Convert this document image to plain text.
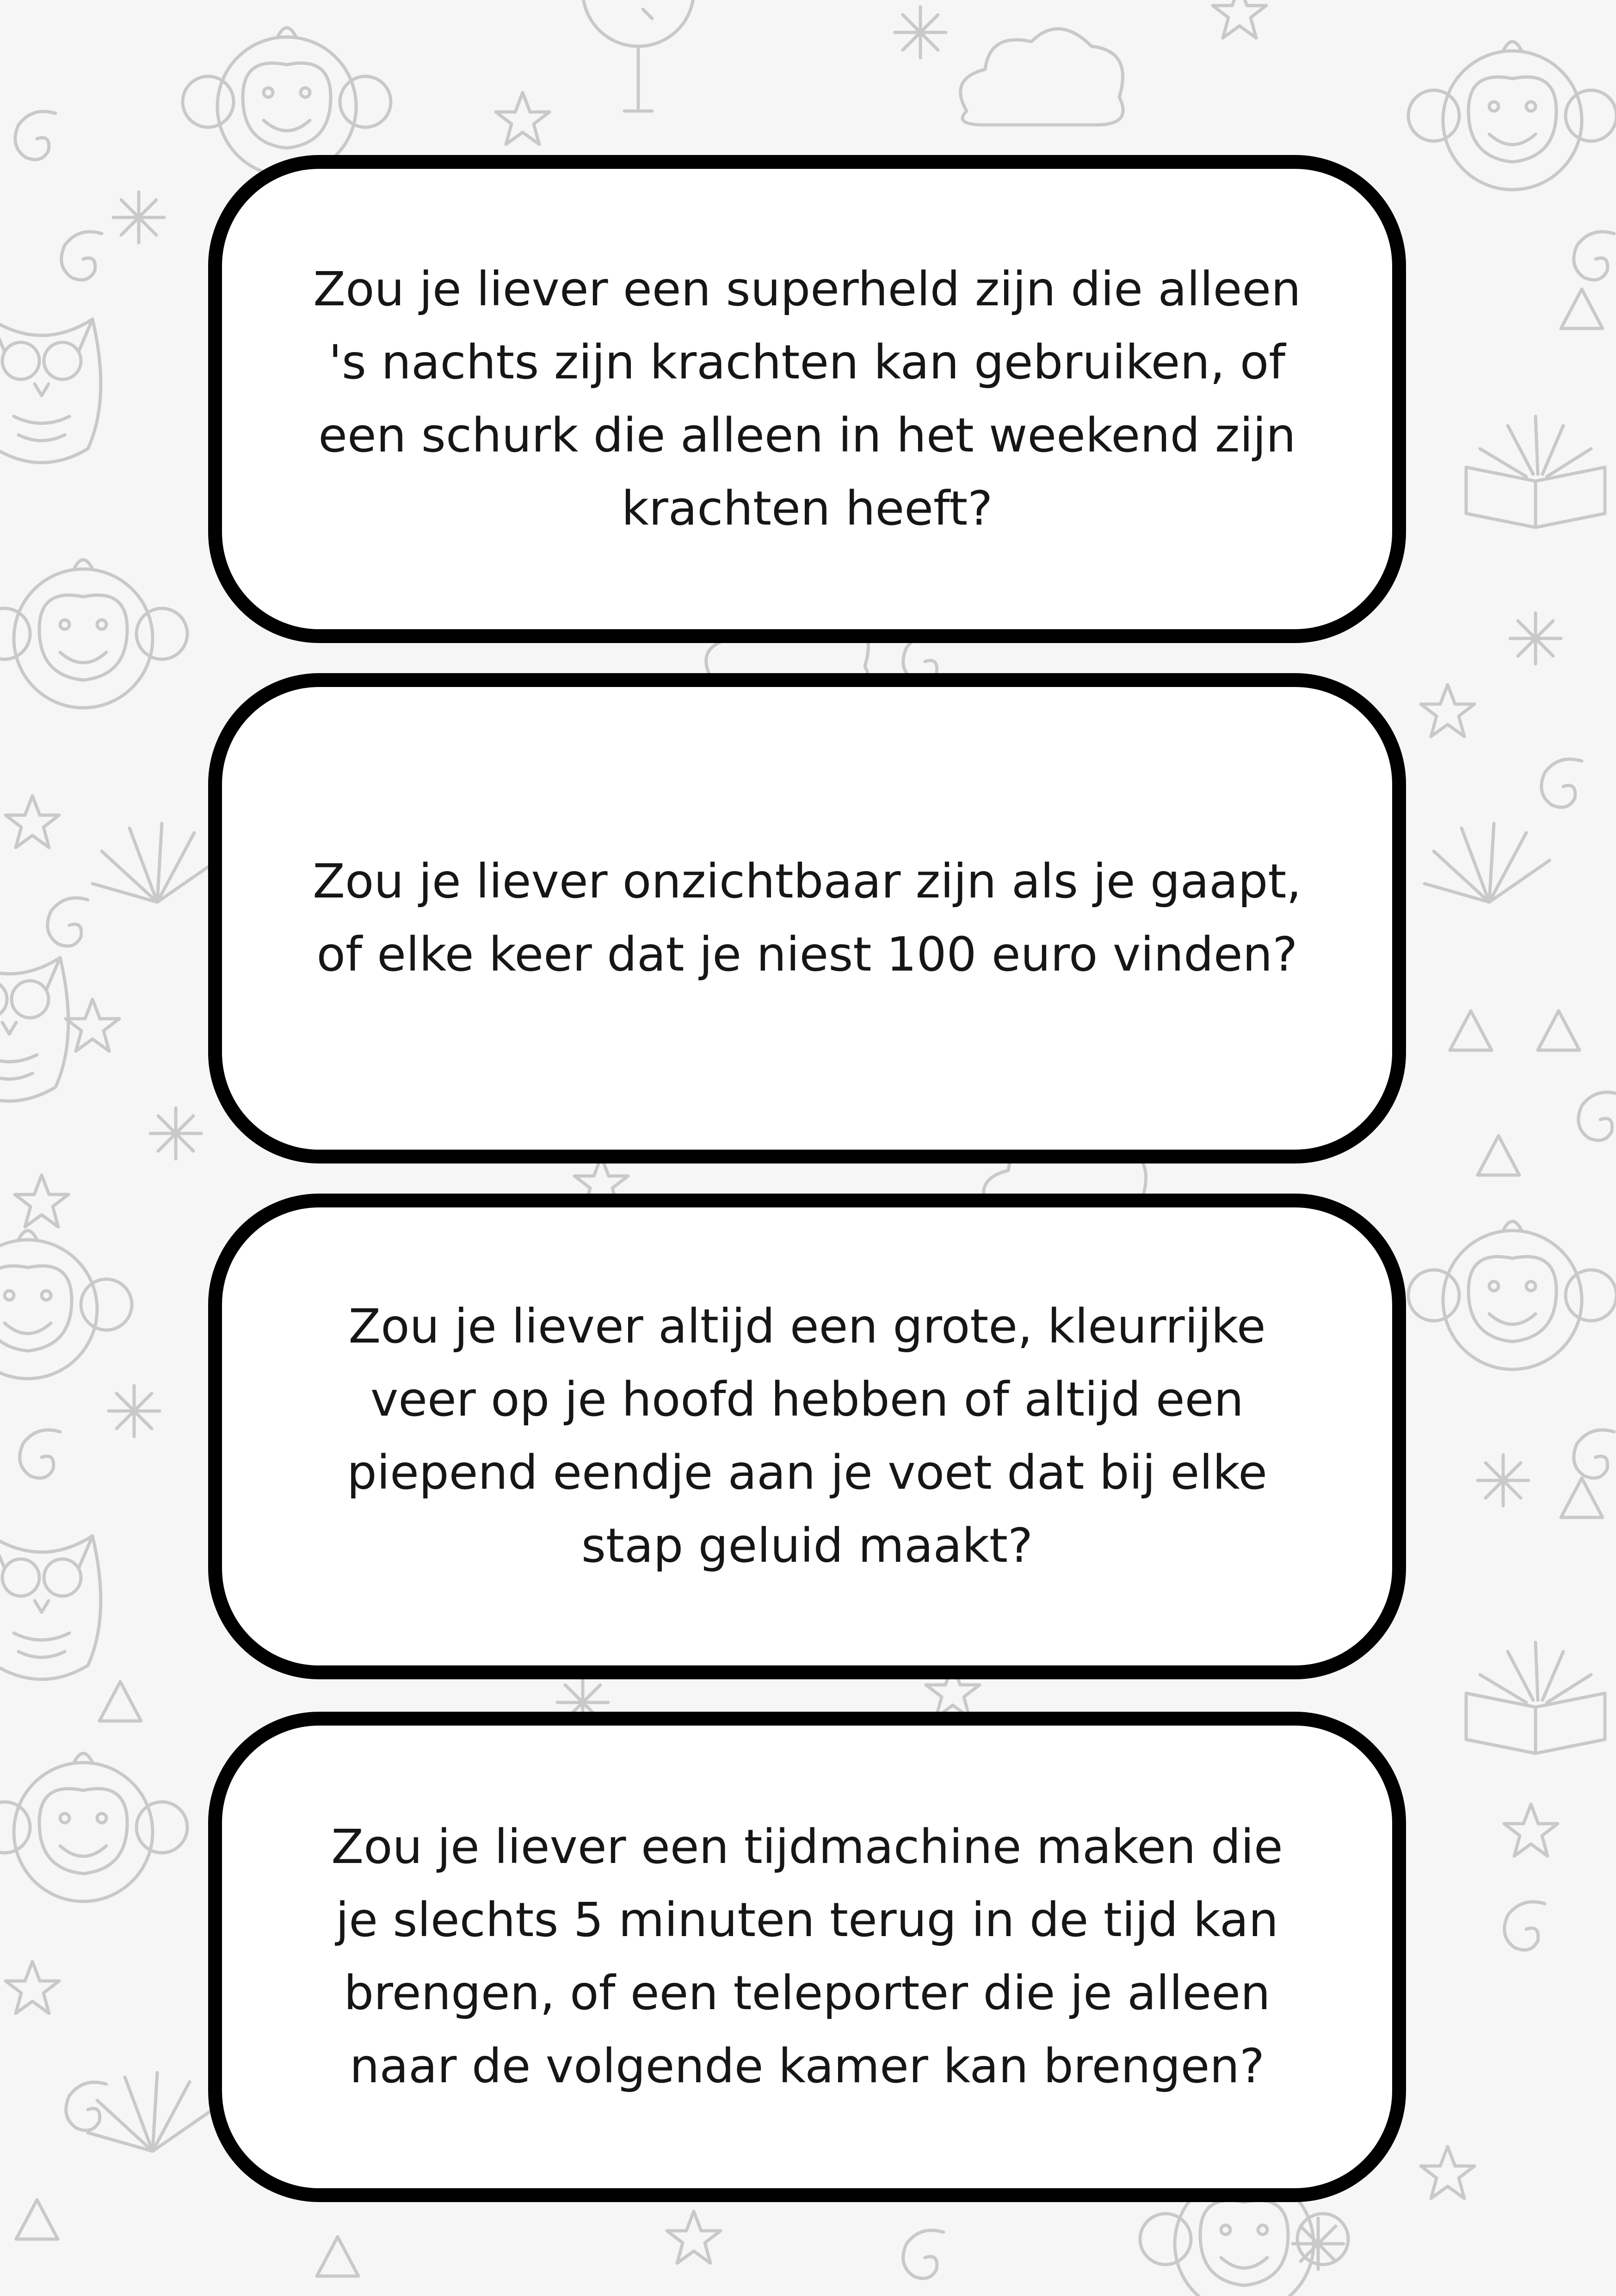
Zou je liever een superheld zijn die alleen 's nachts zijn krachten kan gebruiken, of een schurk die alleen in het weekend zijn krachten heeft?

Zou je liever onzichtbaar zijn als je gaapt, of elke keer dat je niest 100 euro vinden?

Zou je liever altijd een grote, kleurrijke veer op je hoofd hebben of altijd een piepend eendje aan je voet dat bij elke stap geluid maakt?

Zou je liever een tijdmachine maken die je slechts 5 minuten terug in de tijd kan brengen, of een teleporter die je alleen naar de volgende kamer kan brengen?
